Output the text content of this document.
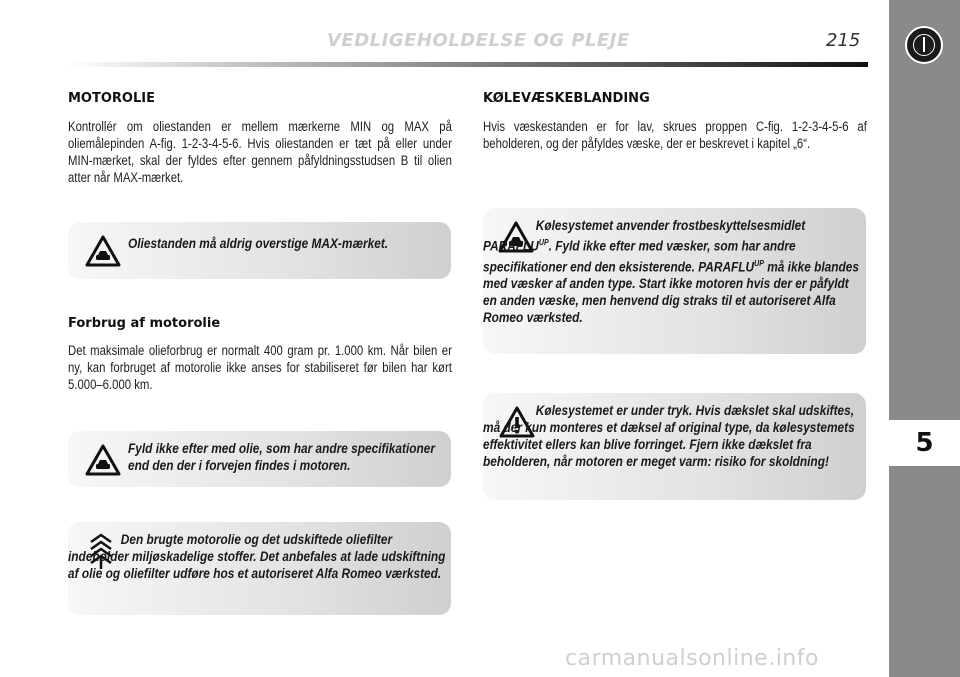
5
VEDLIGEHOLDELSE OG PLEJE	215
MOTOROLIE
Kontrollér om oliestanden er mellem mærkerne MIN og MAX på oliemålepinden A-fig. 1-2-3-4-5-6. Hvis oliestanden er tæt på eller under MIN-mærket, skal der fyldes efter gennem påfyldningsstudsen B til olien atter når MAX-mærket.
Oliestanden må aldrig overstige MAX-mærket.
Forbrug af motorolie
Det maksimale olieforbrug er normalt 400 gram pr. 1.000 km. Når bilen er ny, kan forbruget af motorolie ikke anses for stabiliseret før bilen har kørt 5.000–6.000 km.
Fyld ikke efter med olie, som har andre specifikationer end den der i forvejen findes i motoren.
Den brugte motorolie og det udskiftede oliefilter indeholder miljøskadelige stoffer. Det anbefales at lade udskiftning af olie og oliefilter udføre hos et autoriseret Alfa Romeo værksted.
KØLEVÆSKEBLANDING
Hvis væskestanden er for lav, skrues proppen C-fig. 1-2-3-4-5-6 af beholderen, og der påfyldes væske, der er beskrevet i kapitel „6“.
Kølesystemet anvender frostbeskyttelsesmidlet $PARAFLU^{UP}$. Fyld ikke efter med væsker, som har andre specifikationer end den eksisterende. $PARAFLU^{UP}$ må ikke blandes med væsker af anden type. Start ikke motoren hvis der er påfyldt en anden væske, men henvend dig straks til et autoriseret Alfa Romeo værksted.
Kølesystemet er under tryk. Hvis dækslet skal udskiftes, må der kun monteres et dæksel af original type, da kølesystemets effektivitet ellers kan blive forringet. Fjern ikke dækslet fra beholderen, når motoren er meget varm: risiko for skoldning!
carmanualsonline.info
